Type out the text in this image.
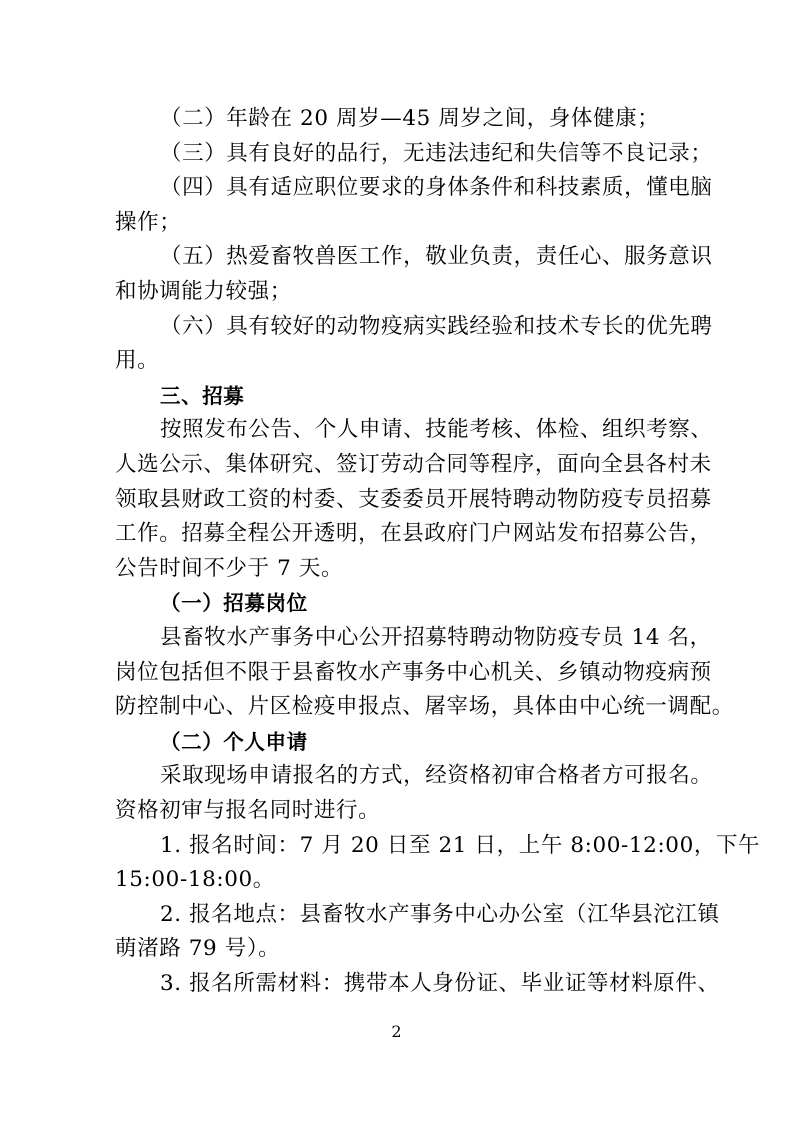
（二）年龄在 20 周岁—45 周岁之间，身体健康；
（三）具有良好的品行，无违法违纪和失信等不良记录；
（四）具有适应职位要求的身体条件和科技素质，懂电脑
操作；
（五）热爱畜牧兽医工作，敬业负责，责任心、服务意识
和协调能力较强；
（六）具有较好的动物疫病实践经验和技术专长的优先聘
用。
三、招募
按照发布公告、个人申请、技能考核、体检、组织考察、
人选公示、集体研究、签订劳动合同等程序，面向全县各村未
领取县财政工资的村委、支委委员开展特聘动物防疫专员招募
工作。招募全程公开透明，在县政府门户网站发布招募公告，
公告时间不少于 7 天。
（一）招募岗位
县畜牧水产事务中心公开招募特聘动物防疫专员 14 名，
岗位包括但不限于县畜牧水产事务中心机关、乡镇动物疫病预
防控制中心、片区检疫申报点、屠宰场，具体由中心统一调配。
（二）个人申请
采取现场申请报名的方式，经资格初审合格者方可报名。
资格初审与报名同时进行。
1. 报名时间：7 月 20 日至 21 日，上午 8:00-12:00，下午
15:00-18:00。
2. 报名地点：县畜牧水产事务中心办公室（江华县沱江镇
萌渚路 79 号）。
3. 报名所需材料：携带本人身份证、毕业证等材料原件、
2
